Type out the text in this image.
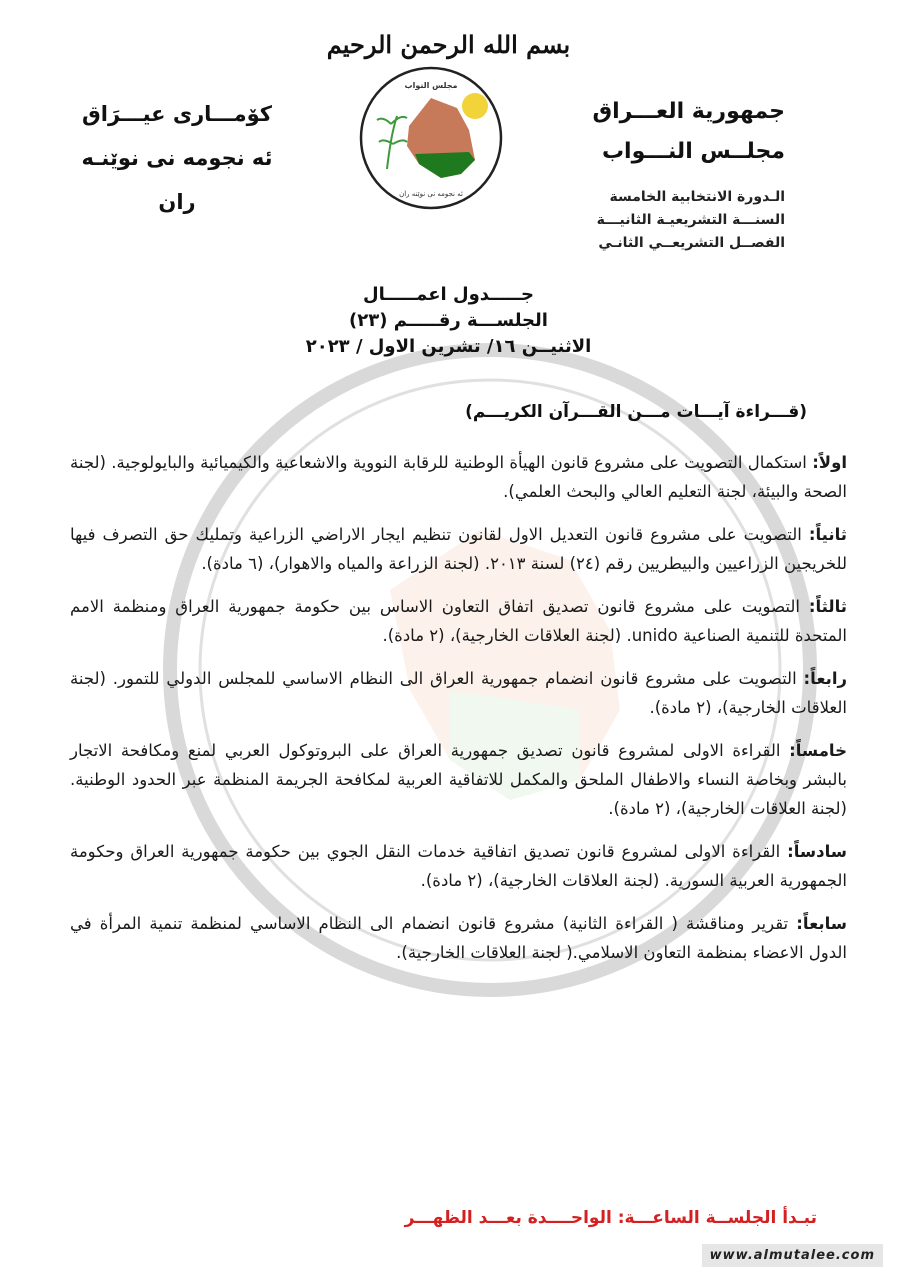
بسم الله الرحمن الرحيم
جمهورية العـــراق
مجلــس النـــواب
الـدورة الانتخابية الخامسة
السنـــة التشريعيـة الثانيـــة
الفصــل التشريعــي الثانـي
كۆمـــارى عيـــرَاق
ئه نجومه نى نوێنـه ران
مجلس النواب
ئه نجومه نى نوێنه ران
جـــــدول اعمـــــال
الجلســـة رقـــــم (٢٣)
الاثنيــن ١٦/ تشرين الاول / ٢٠٢٣
(قـــراءة آيـــات مـــن القـــرآن الكريـــم)
اولاً: استكمال التصويت على مشروع قانون الهيأة الوطنية للرقابة النووية والاشعاعية والكيميائية والبايولوجية. (لجنة الصحة والبيئة، لجنة التعليم العالي والبحث العلمي).
ثانياً: التصويت على مشروع قانون التعديل الاول لقانون تنظيم ايجار الاراضي الزراعية وتمليك حق التصرف فيها للخريجين الزراعيين والبيطريين رقم (٢٤) لسنة ٢٠١٣. (لجنة الزراعة والمياه والاهوار)، (٦ مادة).
ثالثاً: التصويت على مشروع قانون تصديق اتفاق التعاون الاساس بين حكومة جمهورية العراق ومنظمة الامم المتحدة للتنمية الصناعية unido. (لجنة العلاقات الخارجية)، (٢ مادة).
رابعاً: التصويت على مشروع قانون انضمام جمهورية العراق الى النظام الاساسي للمجلس الدولي للتمور. (لجنة العلاقات الخارجية)، (٢ مادة).
خامساً: القراءة الاولى لمشروع قانون تصديق جمهورية العراق على البروتوكول العربي لمنع ومكافحة الاتجار بالبشر وبخاصة النساء والاطفال الملحق والمكمل للاتفاقية العربية لمكافحة الجريمة المنظمة عبر الحدود الوطنية. (لجنة العلاقات الخارجية)، (٢ مادة).
سادساً: القراءة الاولى لمشروع قانون تصديق اتفاقية خدمات النقل الجوي بين حكومة جمهورية العراق وحكومة الجمهورية العربية السورية. (لجنة العلاقات الخارجية)، (٢ مادة).
سابعاً: تقرير ومناقشة ( القراءة الثانية) مشروع قانون انضمام الى النظام الاساسي لمنظمة تنمية المرأة في الدول الاعضاء بمنظمة التعاون الاسلامي.( لجنة العلاقات الخارجية).
تبـدأ الجلســة الساعـــة: الواحــــدة بعـــد الظهـــر
www.almutalee.com
